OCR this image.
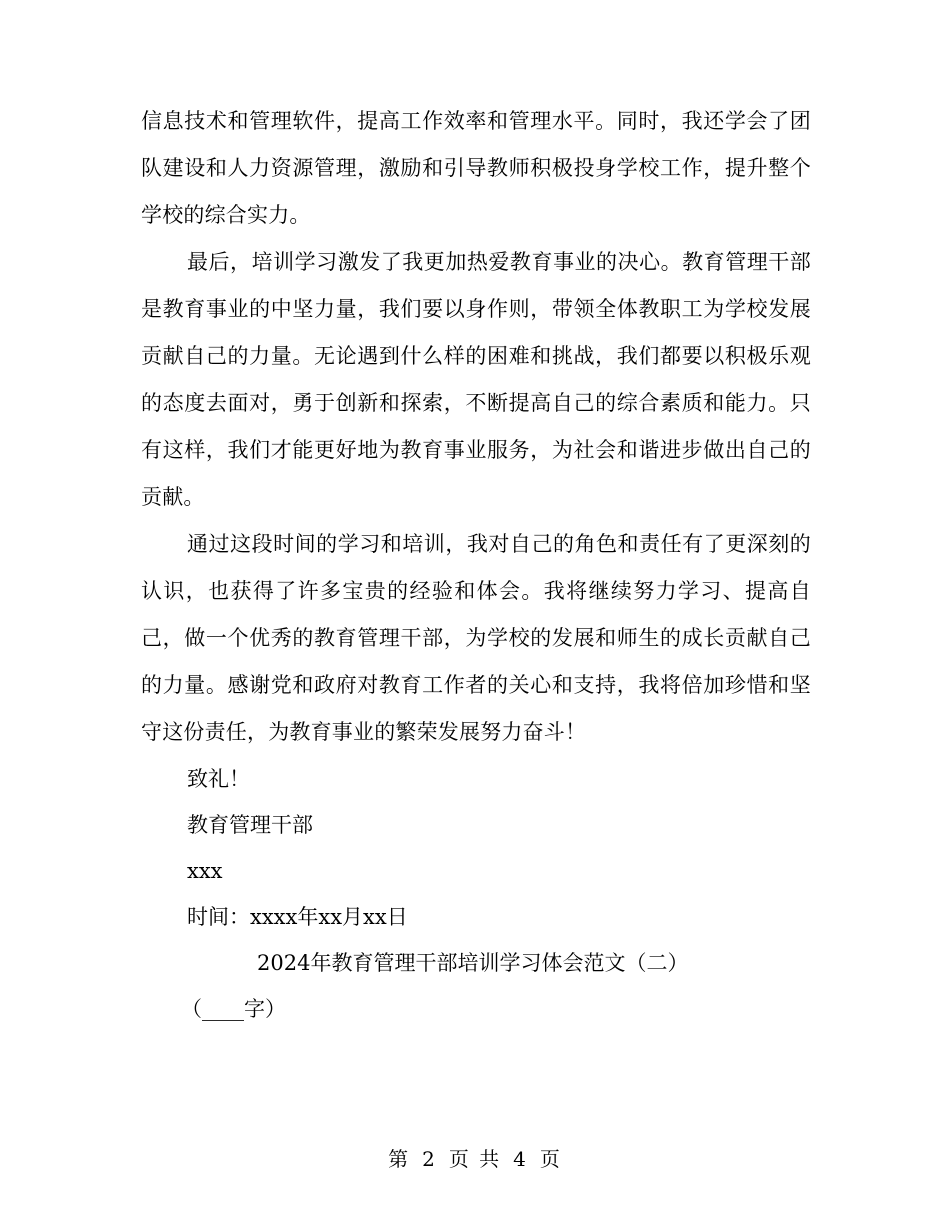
信息技术和管理软件，提高工作效率和管理水平。同时，我还学会了团队建设和人力资源管理，激励和引导教师积极投身学校工作，提升整个学校的综合实力。

最后，培训学习激发了我更加热爱教育事业的决心。教育管理干部是教育事业的中坚力量，我们要以身作则，带领全体教职工为学校发展贡献自己的力量。无论遇到什么样的困难和挑战，我们都要以积极乐观的态度去面对，勇于创新和探索，不断提高自己的综合素质和能力。只有这样，我们才能更好地为教育事业服务，为社会和谐进步做出自己的贡献。

通过这段时间的学习和培训，我对自己的角色和责任有了更深刻的认识，也获得了许多宝贵的经验和体会。我将继续努力学习、提高自己，做一个优秀的教育管理干部，为学校的发展和师生的成长贡献自己的力量。感谢党和政府对教育工作者的关心和支持，我将倍加珍惜和坚守这份责任，为教育事业的繁荣发展努力奋斗！

致礼！

教育管理干部

xxx

时间：xxxx年xx月xx日

2024年教育管理干部培训学习体会范文（二）

（____字）

第 2 页 共 4 页
